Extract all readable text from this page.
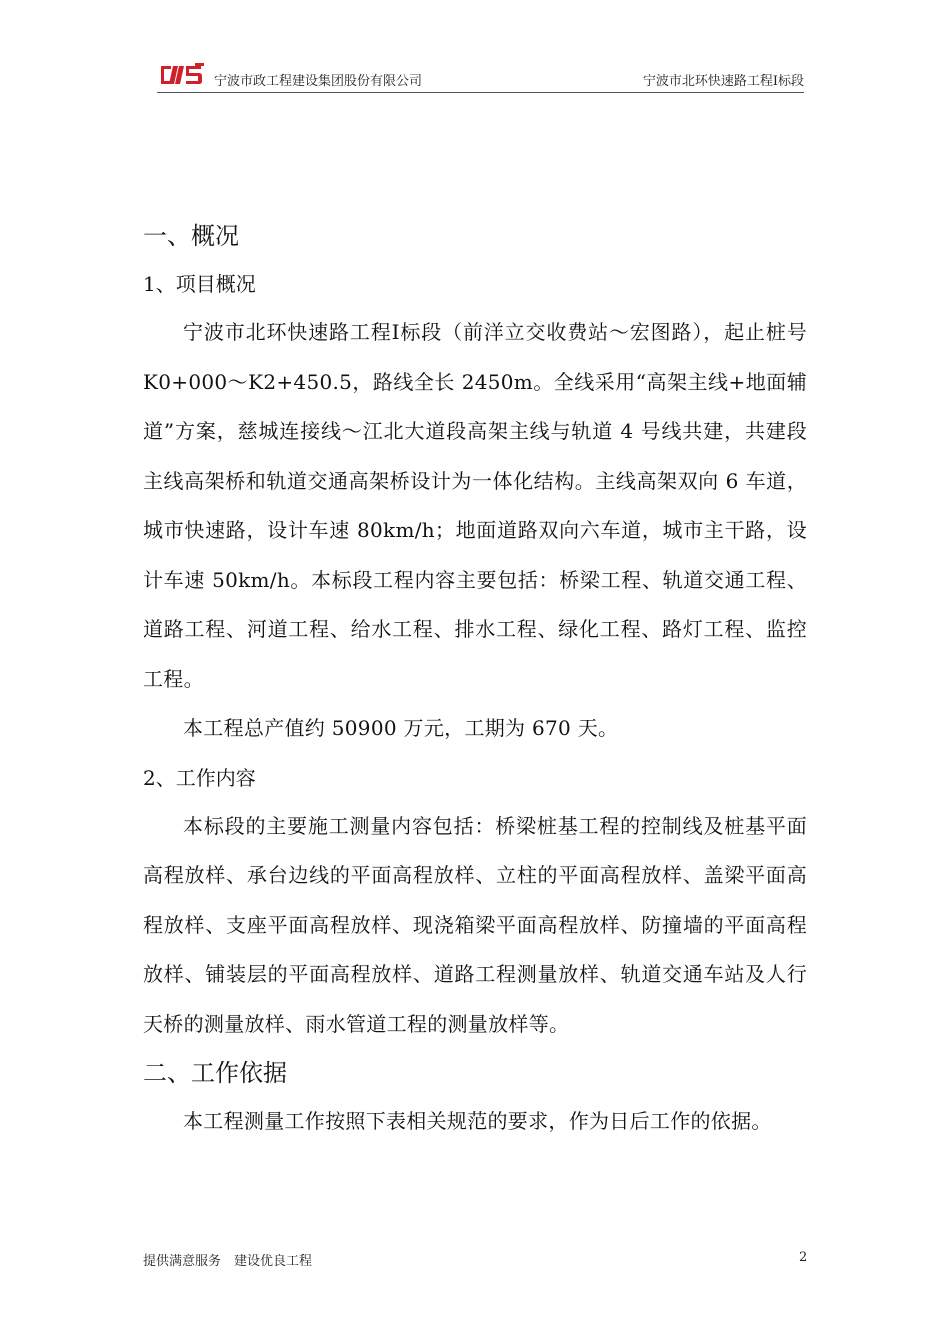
宁波市政工程建设集团股份有限公司	宁波市北环快速路工程Ⅰ标段
一、概况
1、项目概况

宁波市北环快速路工程Ⅰ标段（前洋立交收费站～宏图路），起止桩号 K0+000～K2+450.5，路线全长 2450m。全线采用“高架主线+地面辅道”方案，慈城连接线～江北大道段高架主线与轨道 4 号线共建，共建段主线高架桥和轨道交通高架桥设计为一体化结构。主线高架双向 6 车道，城市快速路，设计车速 80km/h；地面道路双向六车道，城市主干路，设计车速 50km/h。本标段工程内容主要包括：桥梁工程、轨道交通工程、道路工程、河道工程、给水工程、排水工程、绿化工程、路灯工程、监控工程。

本工程总产值约 50900 万元，工期为 670 天。

2、工作内容

本标段的主要施工测量内容包括：桥梁桩基工程的控制线及桩基平面高程放样、承台边线的平面高程放样、立柱的平面高程放样、盖梁平面高程放样、支座平面高程放样、现浇箱梁平面高程放样、防撞墙的平面高程放样、铺装层的平面高程放样、道路工程测量放样、轨道交通车站及人行天桥的测量放样、雨水管道工程的测量放样等。

二、工作依据

本工程测量工作按照下表相关规范的要求，作为日后工作的依据。

提供满意服务　建设优良工程	2
